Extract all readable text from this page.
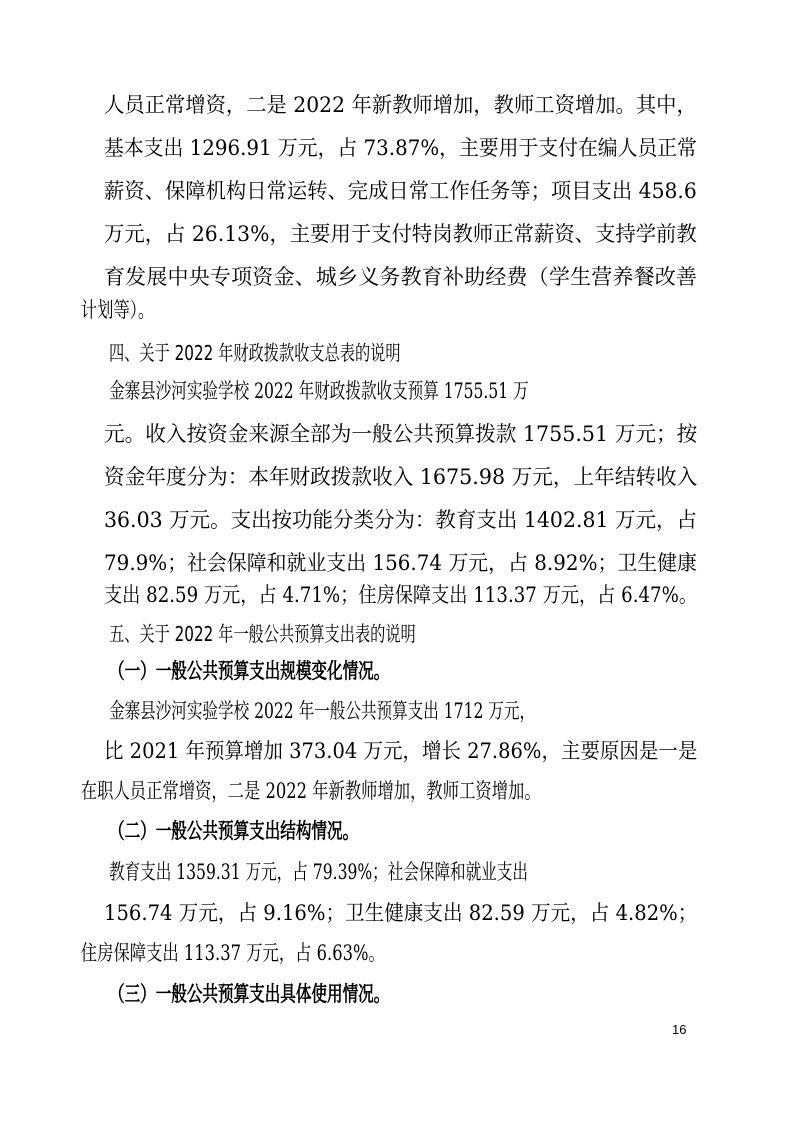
人员正常增资，二是 2022 年新教师增加，教师工资增加。其中，
基本支出 1296.91 万元，占 73.87%，主要用于支付在编人员正常
薪资、保障机构日常运转、完成日常工作任务等；项目支出 458.6
万元，占 26.13%，主要用于支付特岗教师正常薪资、支持学前教
育发展中央专项资金、城乡义务教育补助经费（学生营养餐改善
计划等）。
四、关于 2022 年财政拨款收支总表的说明
金寨县沙河实验学校 2022 年财政拨款收支预算 1755.51 万
元。收入按资金来源全部为一般公共预算拨款 1755.51 万元；按
资金年度分为：本年财政拨款收入 1675.98 万元，上年结转收入
36.03 万元。支出按功能分类分为：教育支出 1402.81 万元，占
79.9%；社会保障和就业支出 156.74 万元，占 8.92%；卫生健康
支出 82.59 万元，占 4.71%；住房保障支出 113.37 万元，占 6.47%。
五、关于 2022 年一般公共预算支出表的说明
（一）一般公共预算支出规模变化情况。
金寨县沙河实验学校 2022 年一般公共预算支出 1712 万元，
比 2021 年预算增加 373.04 万元，增长 27.86%，主要原因是一是
在职人员正常增资，二是 2022 年新教师增加，教师工资增加。
（二）一般公共预算支出结构情况。
教育支出 1359.31 万元，占 79.39%；社会保障和就业支出
156.74 万元，占 9.16%；卫生健康支出 82.59 万元，占 4.82%；
住房保障支出 113.37 万元，占 6.63%。
（三）一般公共预算支出具体使用情况。
16
